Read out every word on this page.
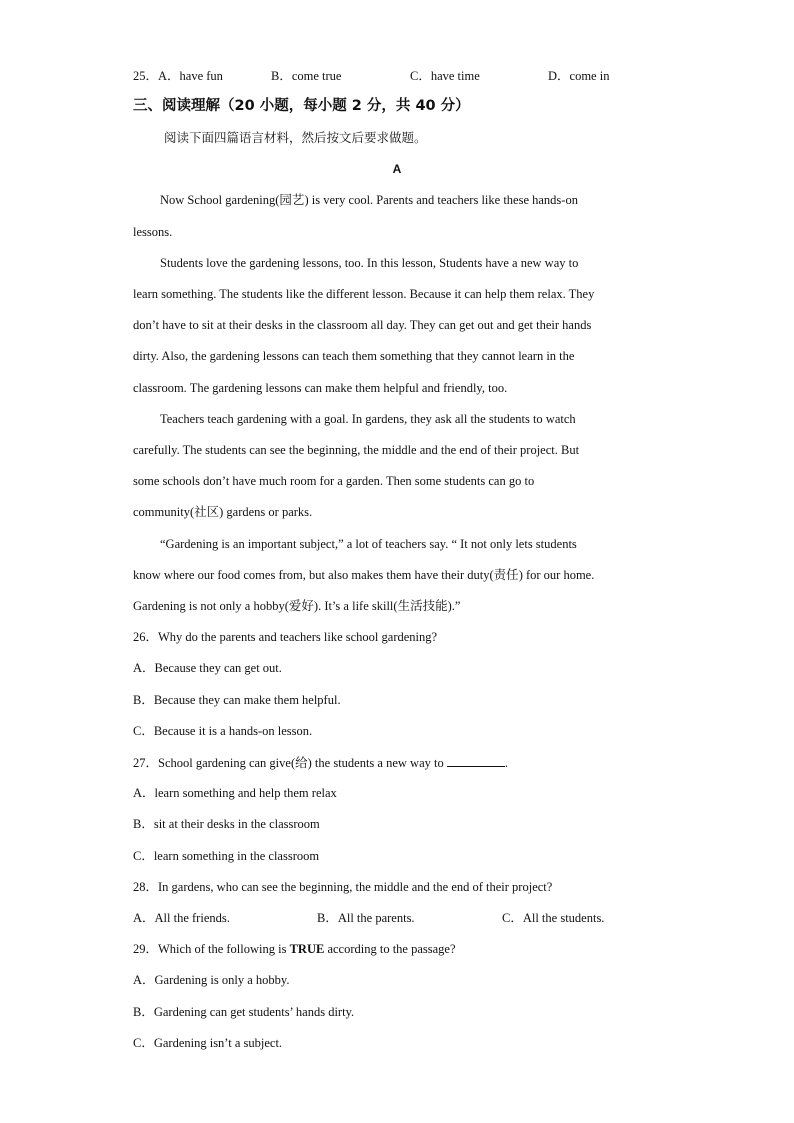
25．A．have fun	B．come true	C．have time	D．come in
三、阅读理解（20 小题，每小题 2 分，共 40 分）
阅读下面四篇语言材料，然后按文后要求做题。
A
Now School gardening(园艺) is very cool. Parents and teachers like these hands-on
lessons.
Students love the gardening lessons, too. In this lesson, Students have a new way to
learn something. The students like the different lesson. Because it can help them relax. They
don’t have to sit at their desks in the classroom all day. They can get out and get their hands
dirty. Also, the gardening lessons can teach them something that they cannot learn in the
classroom. The gardening lessons can make them helpful and friendly, too.
Teachers teach gardening with a goal. In gardens, they ask all the students to watch
carefully. The students can see the beginning, the middle and the end of their project. But
some schools don’t have much room for a garden. Then some students can go to
community(社区) gardens or parks.
“Gardening is an important subject,” a lot of teachers say. “ It not only lets students
know where our food comes from, but also makes them have their duty(责任) for our home.
Gardening is not only a hobby(爱好). It’s a life skill(生活技能).”
26．Why do the parents and teachers like school gardening?
A．Because they can get out.
B．Because they can make them helpful.
C．Because it is a hands-on lesson.
27．School gardening can give(给) the students a new way to	.
A．learn something and help them relax
B．sit at their desks in the classroom
C．learn something in the classroom
28．In gardens, who can see the beginning, the middle and the end of their project?
A．All the friends.	B．All the parents.	C．All the students.
29．Which of the following is TRUE according to the passage?
A．Gardening is only a hobby.
B．Gardening can get students’ hands dirty.
C．Gardening isn’t a subject.
